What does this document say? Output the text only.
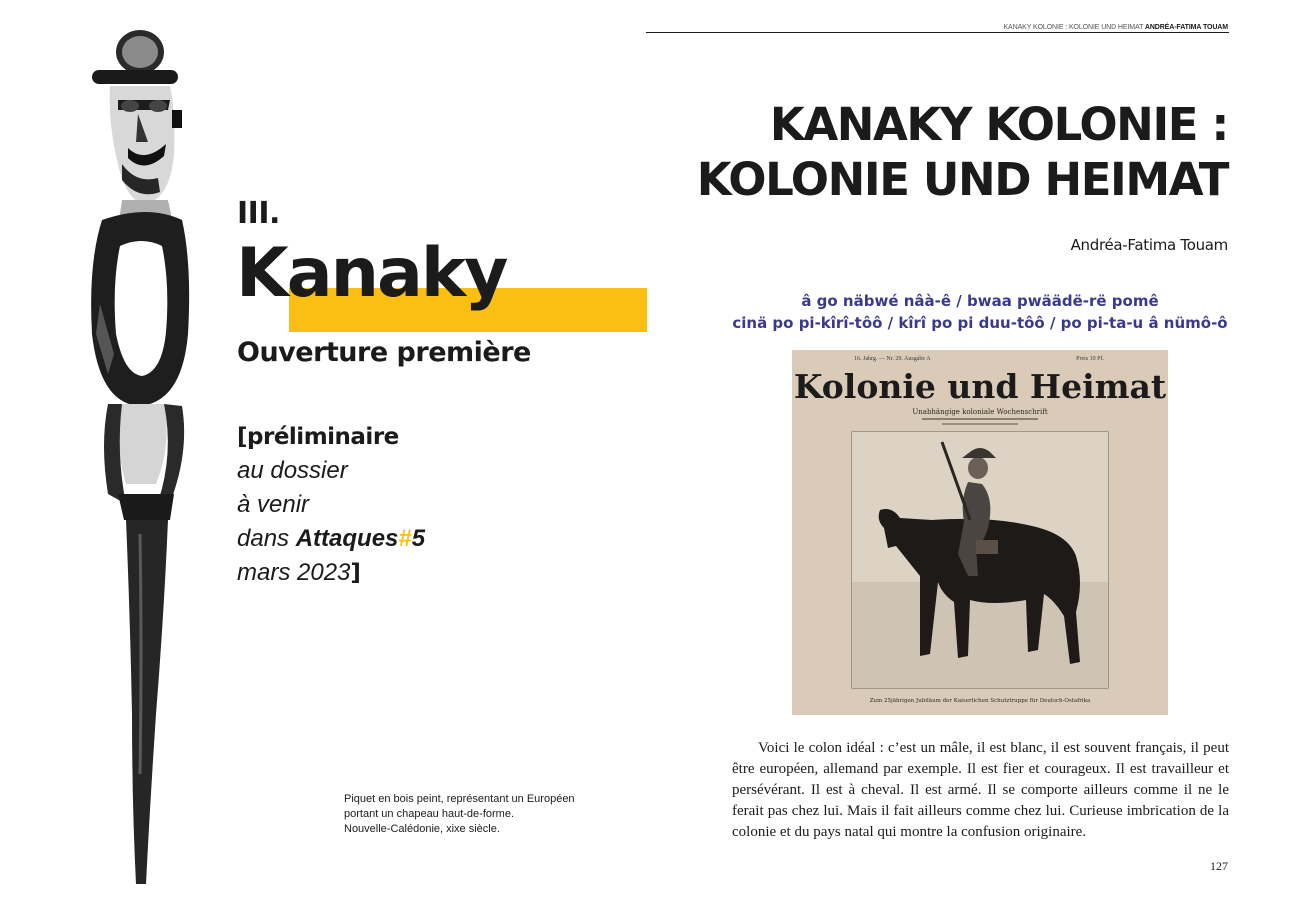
III.
Kanaky
Ouverture première
[préliminaire
au dossier
à venir
dans Attaques#5
mars 2023]
Piquet en bois peint, représentant un Européen
portant un chapeau haut-de-forme.
Nouvelle-Calédonie, xixe siècle.
KANAKY KOLONIE : KOLONIE UND HEIMAT ANDRÉA-FATIMA TOUAM
KANAKY KOLONIE :
KOLONIE UND HEIMAT
Andréa-Fatima Touam
â go näbwé nâà-ê / bwaa pwäädë-rë pomê
cinä po pi-kîrî-tôô / kîrî po pi duu-tôô / po pi-ta-u â nümô-ô
16. Jahrg. — Nr. 29. Ausgabe A	Preis 10 Pf.
Kolonie und Heimat
Unabhängige koloniale Wochenschrift
Zum 25jährigen Jubiläum der Kaiserlichen Schutztruppe für Deutsch-Ostafrika

Voici le colon idéal : c’est un mâle, il est blanc, il est souvent français, il peut être européen, allemand par exemple. Il est fier et courageux. Il est travailleur et persévérant. Il est à cheval. Il est armé. Il se comporte ailleurs comme il ne le ferait pas chez lui. Mais il fait ailleurs comme chez lui. Curieuse imbrication de la colonie et du pays natal qui montre la confusion originaire.

127
